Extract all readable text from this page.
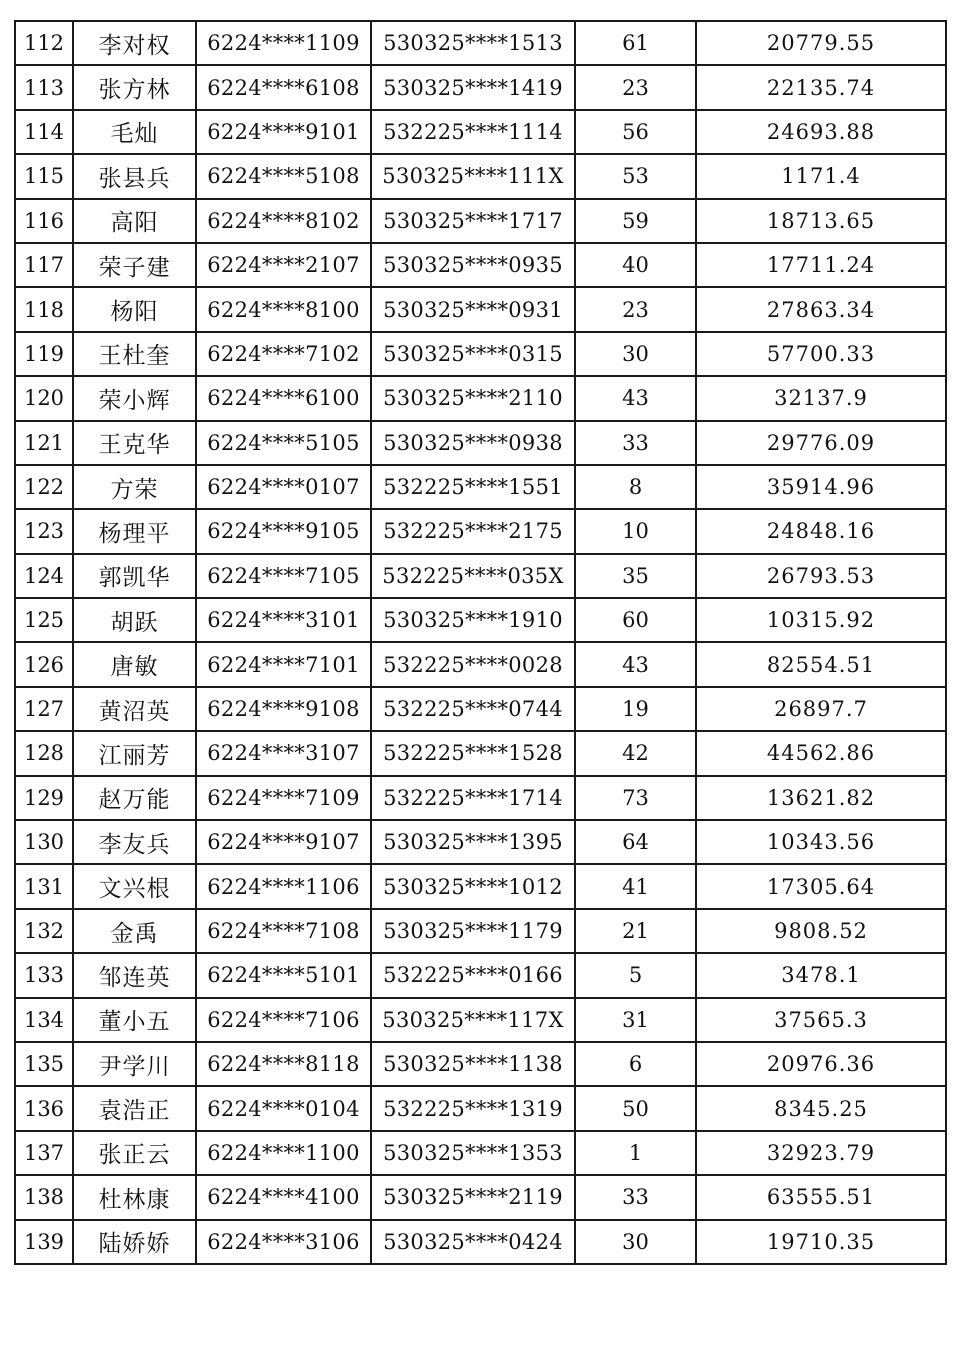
112	李对权	6224****1109	530325****1513	61	20779.55
113	张方林	6224****6108	530325****1419	23	22135.74
114	毛灿	6224****9101	532225****1114	56	24693.88
115	张县兵	6224****5108	530325****111X	53	1171.4
116	高阳	6224****8102	530325****1717	59	18713.65
117	荣子建	6224****2107	530325****0935	40	17711.24
118	杨阳	6224****8100	530325****0931	23	27863.34
119	王杜奎	6224****7102	530325****0315	30	57700.33
120	荣小辉	6224****6100	530325****2110	43	32137.9
121	王克华	6224****5105	530325****0938	33	29776.09
122	方荣	6224****0107	532225****1551	8	35914.96
123	杨理平	6224****9105	532225****2175	10	24848.16
124	郭凯华	6224****7105	532225****035X	35	26793.53
125	胡跃	6224****3101	530325****1910	60	10315.92
126	唐敏	6224****7101	532225****0028	43	82554.51
127	黄沼英	6224****9108	532225****0744	19	26897.7
128	江丽芳	6224****3107	532225****1528	42	44562.86
129	赵万能	6224****7109	532225****1714	73	13621.82
130	李友兵	6224****9107	530325****1395	64	10343.56
131	文兴根	6224****1106	530325****1012	41	17305.64
132	金禹	6224****7108	530325****1179	21	9808.52
133	邹连英	6224****5101	532225****0166	5	3478.1
134	董小五	6224****7106	530325****117X	31	37565.3
135	尹学川	6224****8118	530325****1138	6	20976.36
136	袁浩正	6224****0104	532225****1319	50	8345.25
137	张正云	6224****1100	530325****1353	1	32923.79
138	杜林康	6224****4100	530325****2119	33	63555.51
139	陆娇娇	6224****3106	530325****0424	30	19710.35
